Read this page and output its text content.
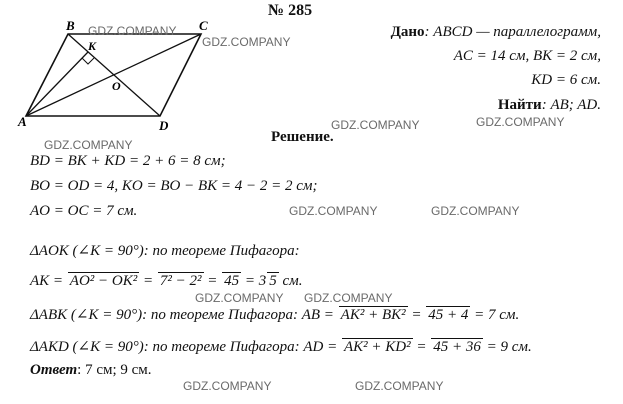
A
B	C
D
K
O
№ 285
Дано: ABCD — параллелограмм,
AC = 14 см, BK = 2 см,
KD = 6 см.
Найти: AB; AD.
Решение.
BD = BK + KD = 2 + 6 = 8 см;
BO = OD = 4, KO = BO − BK = 4 − 2 = 2 см;
AO = OC = 7 см.
ΔAOK (∠K = 90°): по теореме Пифагора:
AK = AO² − OK² = 7² − 2² = 45 = 3 5 см.
ΔABK (∠K = 90°): по теореме Пифагора: AB = AK² + BK² = 45 + 4 = 7 см.
ΔAKD (∠K = 90°): по теореме Пифагора: AD = AK² + KD² = 45 + 36 = 9 см.
Ответ: 7 см; 9 см.
GDZ.COMPANY
GDZ.COMPANY
GDZ.COMPANY
GDZ.COMPANY	GDZ.COMPANY
GDZ.COMPANY	GDZ.COMPANY
GDZ.COMPANY GDZ.COMPANY
GDZ.COMPANY	GDZ.COMPANY
